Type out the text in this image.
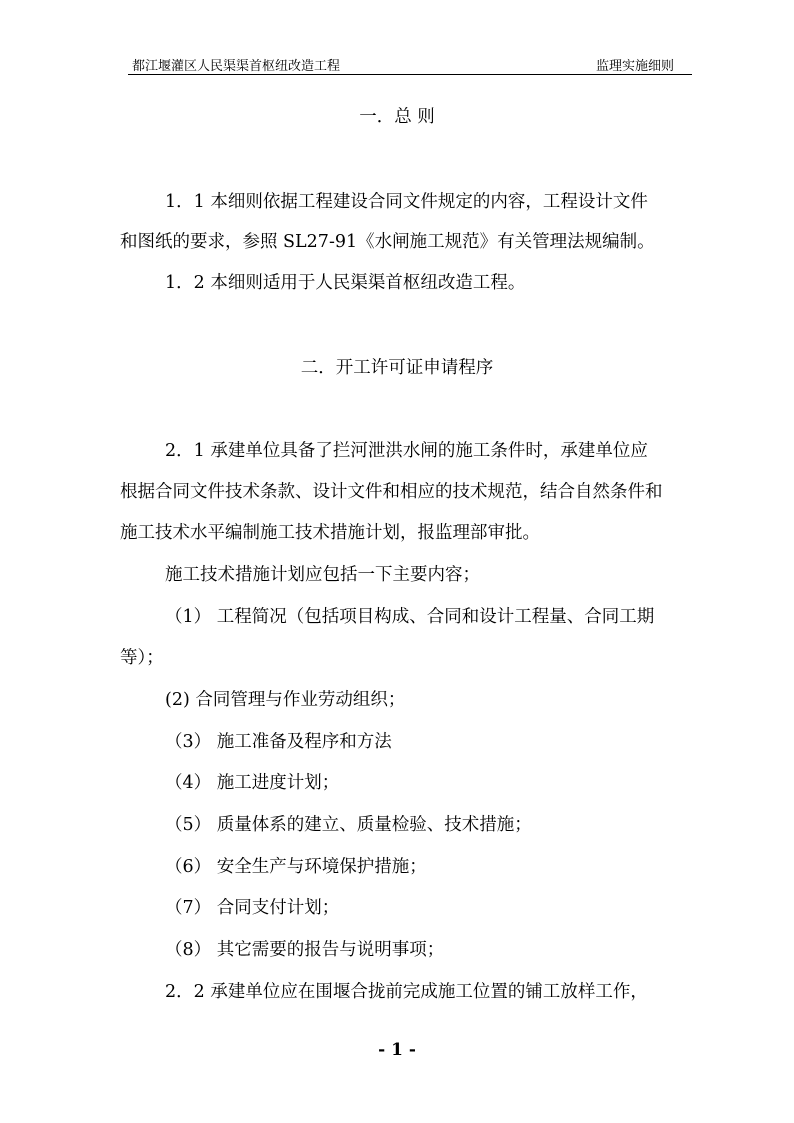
都江堰灌区人民渠渠首枢纽改造工程	监理实施细则
一．总 则
1．1 本细则依据工程建设合同文件规定的内容，工程设计文件
和图纸的要求，参照 SL27-91《水闸施工规范》有关管理法规编制。
1．2 本细则适用于人民渠渠首枢纽改造工程。
二．开工许可证申请程序
2．1 承建单位具备了拦河泄洪水闸的施工条件时，承建单位应
根据合同文件技术条款、设计文件和相应的技术规范，结合自然条件和
施工技术水平编制施工技术措施计划，报监理部审批。
施工技术措施计划应包括一下主要内容；
（1） 工程简况（包括项目构成、合同和设计工程量、合同工期
等）；
(2) 合同管理与作业劳动组织；
（3） 施工准备及程序和方法
（4） 施工进度计划；
（5） 质量体系的建立、质量检验、技术措施；
（6） 安全生产与环境保护措施；
（7） 合同支付计划；
（8） 其它需要的报告与说明事项；
2．2 承建单位应在围堰合拢前完成施工位置的铺工放样工作，
- 1 -
